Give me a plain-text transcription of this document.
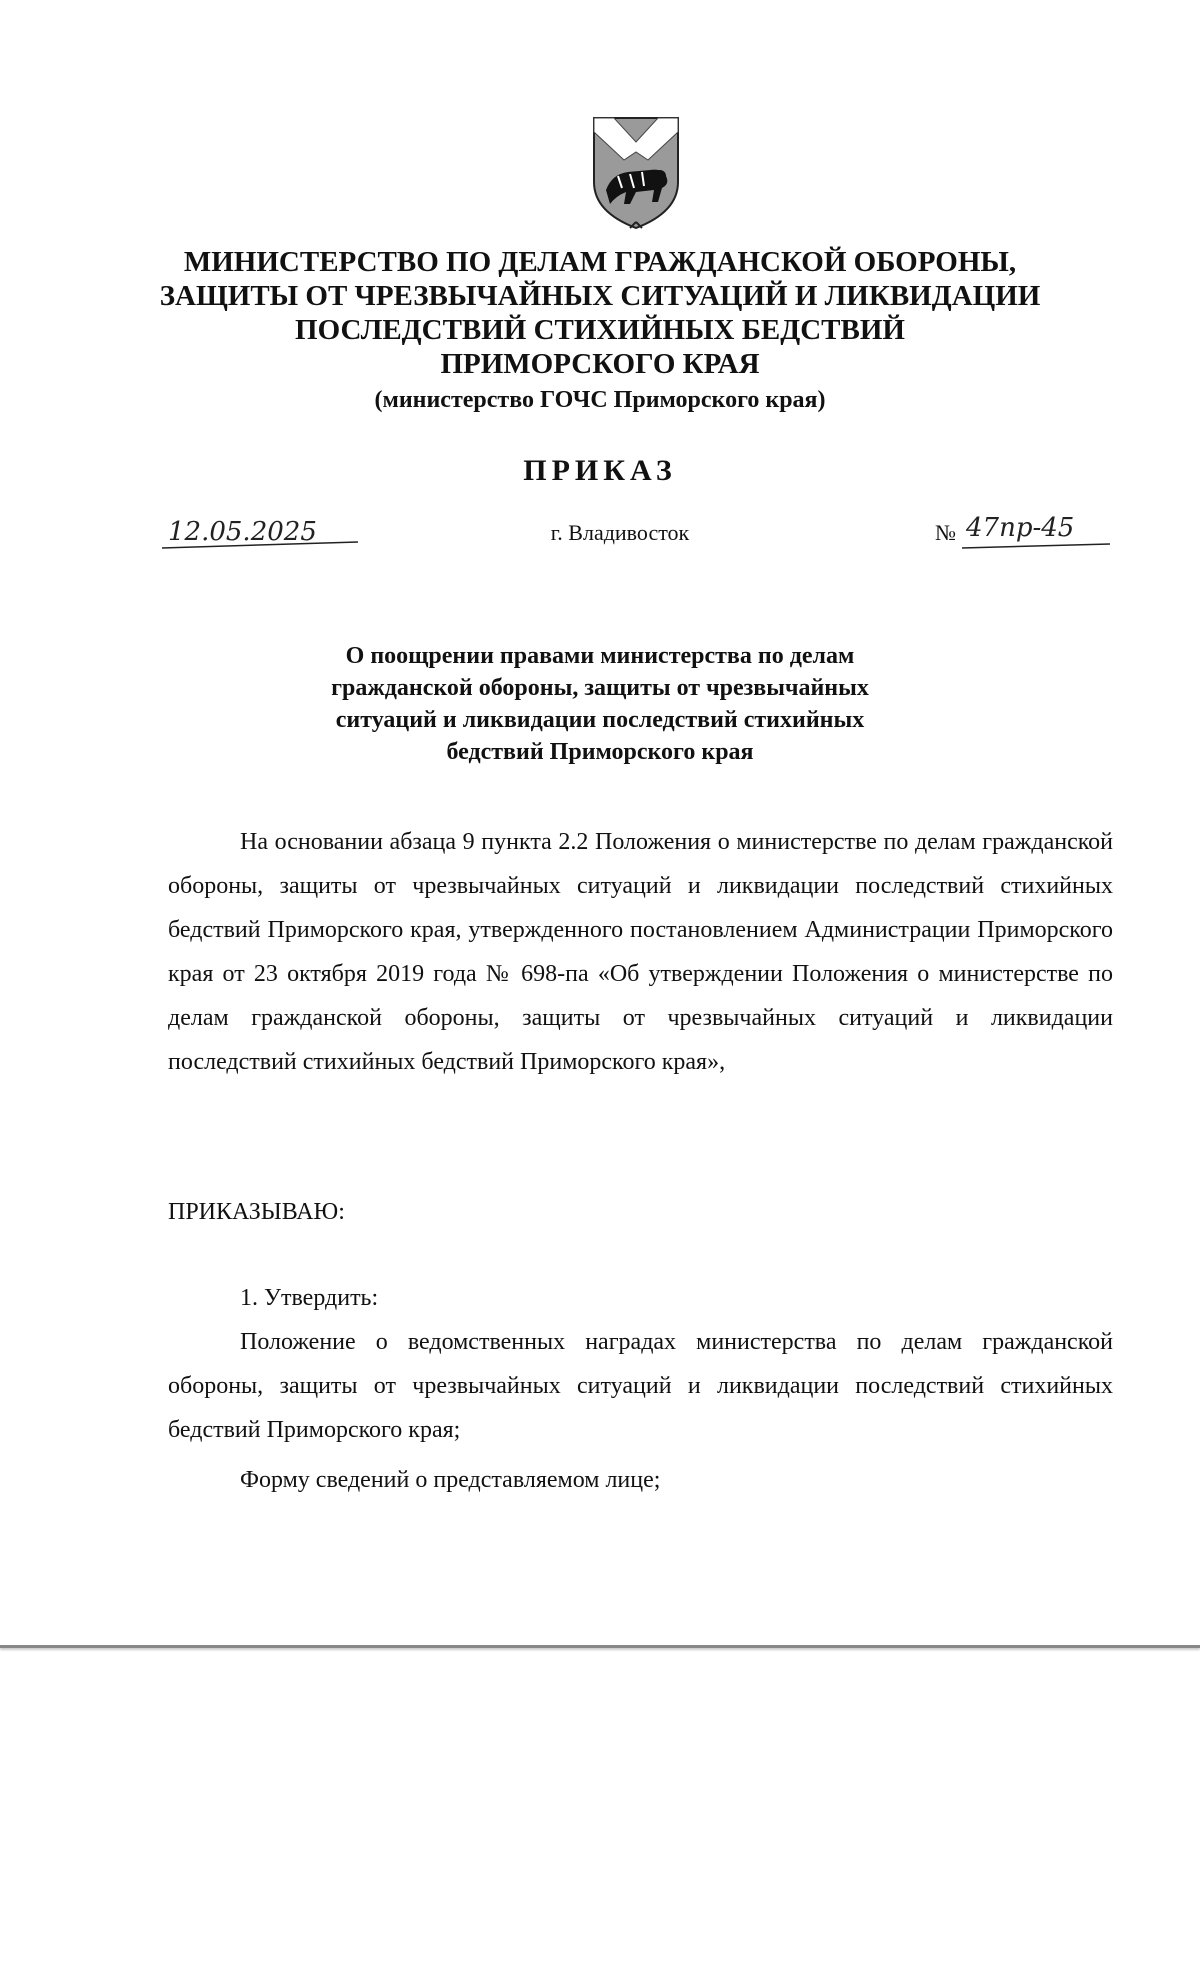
МИНИСТЕРСТВО ПО ДЕЛАМ ГРАЖДАНСКОЙ ОБОРОНЫ,
ЗАЩИТЫ ОТ ЧРЕЗВЫЧАЙНЫХ СИТУАЦИЙ И ЛИКВИДАЦИИ
ПОСЛЕДСТВИЙ СТИХИЙНЫХ БЕДСТВИЙ
ПРИМОРСКОГО КРАЯ
(министерство ГОЧС Приморского края)
ПРИКАЗ
12.05.2025	г. Владивосток	№ 47пр-45
О поощрении правами министерства по делам
гражданской обороны, защиты от чрезвычайных
ситуаций и ликвидации последствий стихийных
бедствий Приморского края

На основании абзаца 9 пункта 2.2 Положения о министерстве по делам гражданской обороны, защиты от чрезвычайных ситуаций и ликвидации последствий стихийных бедствий Приморского края, утвержденного постановлением Администрации Приморского края от 23 октября 2019 года № 698-па «Об утверждении Положения о министерстве по делам гражданской обороны, защиты от чрезвычайных ситуаций и ликвидации последствий стихийных бедствий Приморского края»,

ПРИКАЗЫВАЮ:

1. Утвердить:

Положение о ведомственных наградах министерства по делам гражданской обороны, защиты от чрезвычайных ситуаций и ликвидации последствий стихийных бедствий Приморского края;

Форму сведений о представляемом лице;
